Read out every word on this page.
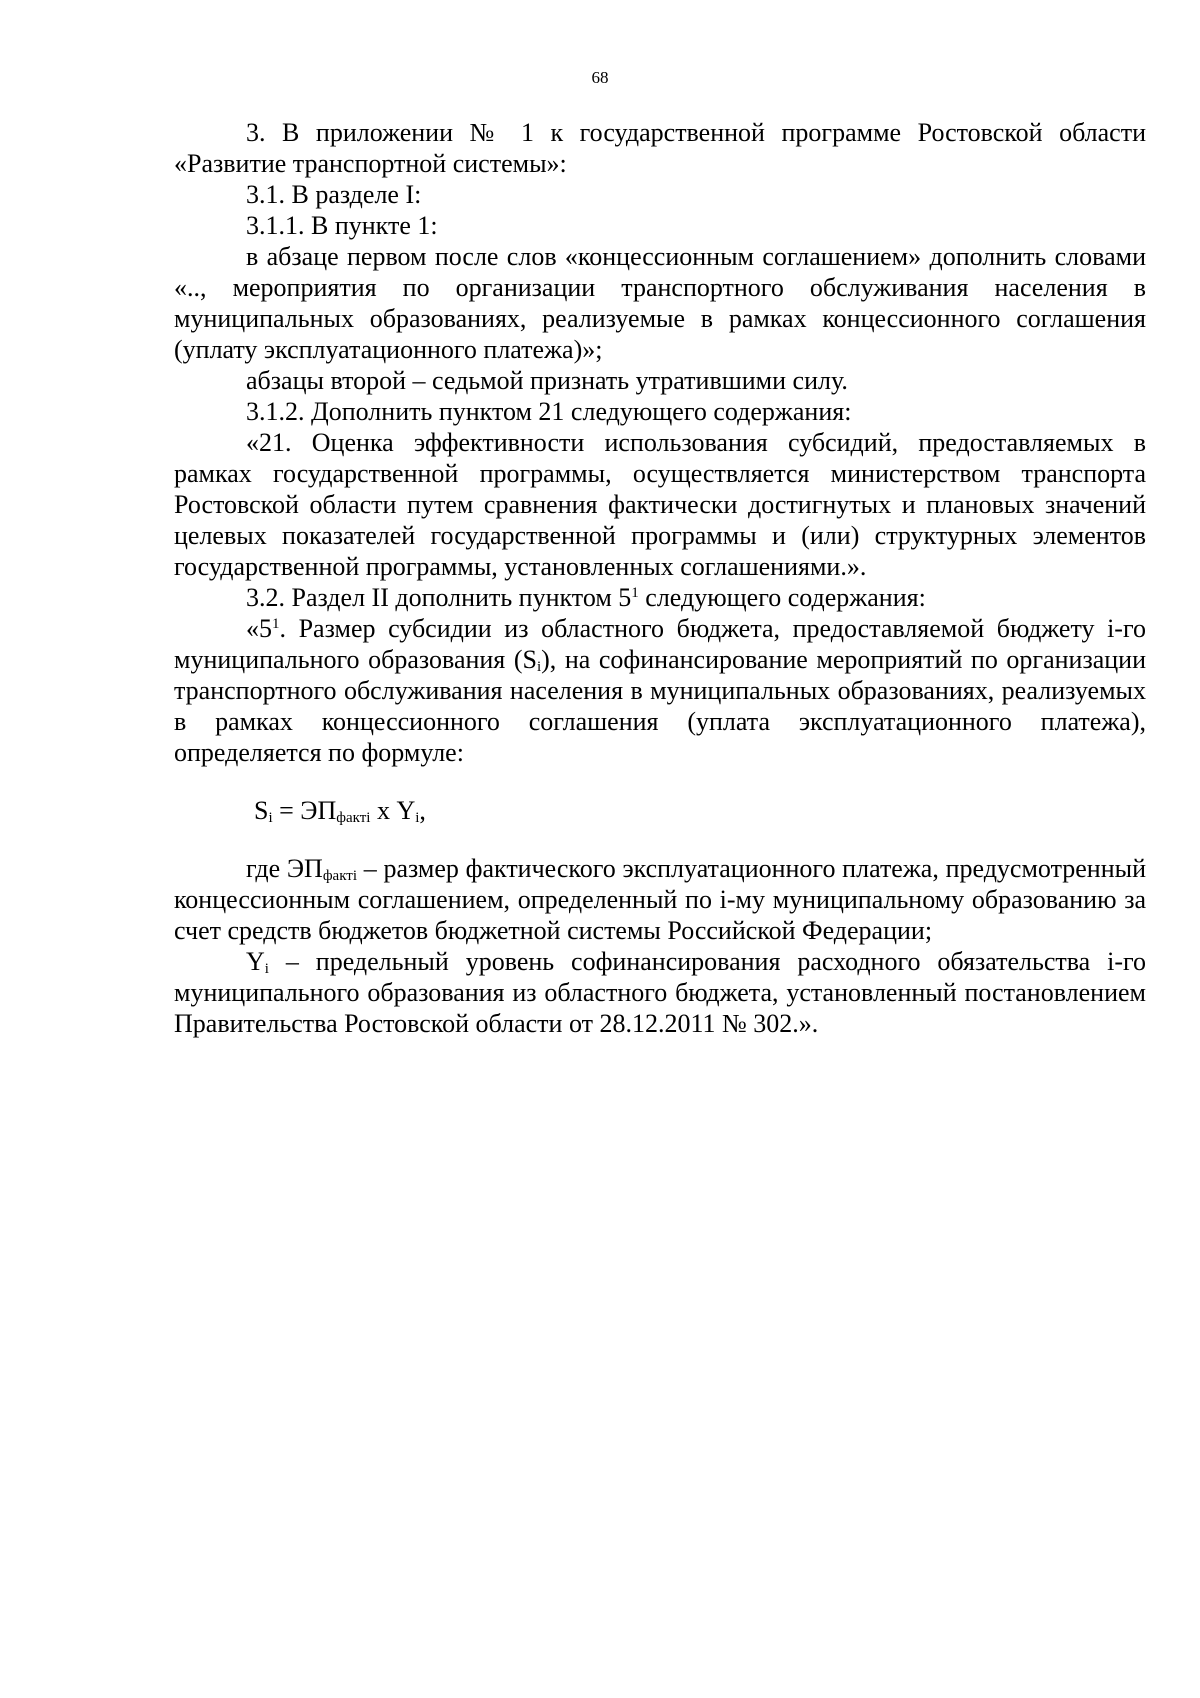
68

3. В приложении № 1 к государственной программе Ростовской области «Развитие транспортной системы»:

3.1. В разделе I:

3.1.1. В пункте 1:

в абзаце первом после слов «концессионным соглашением» дополнить словами «.., мероприятия по организации транспортного обслуживания населения в муниципальных образованиях, реализуемые в рамках концессионного соглашения (уплату эксплуатационного платежа)»;

абзацы второй – седьмой признать утратившими силу.

3.1.2. Дополнить пунктом 21 следующего содержания:

«21. Оценка эффективности использования субсидий, предоставляемых в рамках государственной программы, осуществляется министерством транспорта Ростовской области путем сравнения фактически достигнутых и плановых значений целевых показателей государственной программы и (или) структурных элементов государственной программы, установленных соглашениями.».

3.2. Раздел II дополнить пунктом $5^1$ следующего содержания:

«$5^1$. Размер субсидии из областного бюджета, предоставляемой бюджету i-го муниципального образования $(S_i)$, на софинансирование мероприятий по организации транспортного обслуживания населения в муниципальных образованиях, реализуемых в рамках концессионного соглашения (уплата эксплуатационного платежа), определяется по формуле:

$S_i = ЭП_{фактi}$ х $Y_i$,

где $ЭП_{фактi}$ – размер фактического эксплуатационного платежа, предусмотренный концессионным соглашением, определенный по i-му муниципальному образованию за счет средств бюджетов бюджетной системы Российской Федерации;

$Y_i$ – предельный уровень софинансирования расходного обязательства i-го муниципального образования из областного бюджета, установленный постановлением Правительства Ростовской области от 28.12.2011 № 302.».
